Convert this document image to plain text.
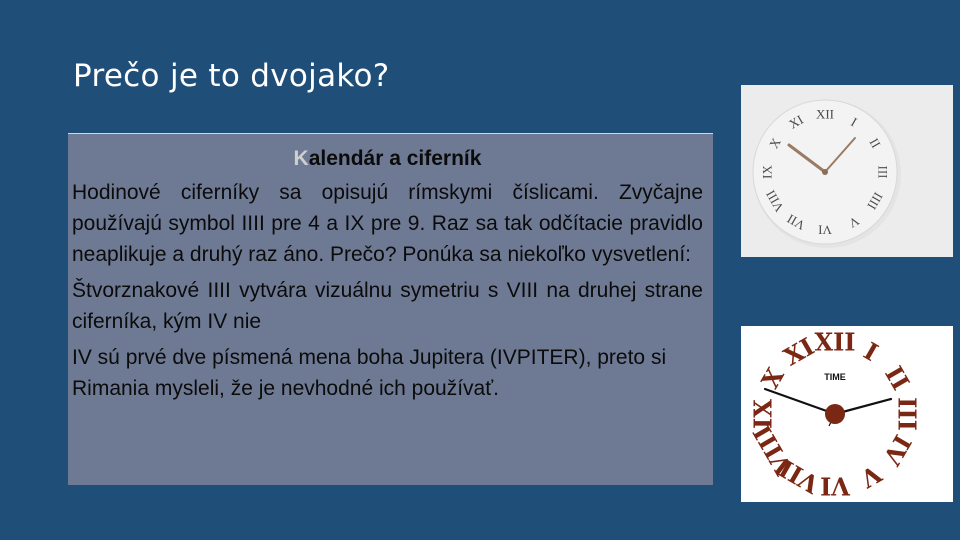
Prečo je to dvojako?
Kalendár a ciferník

Hodinové ciferníky sa opisujú rímskymi číslicami. Zvyčajne používajú symbol IIII pre 4 a IX pre 9. Raz sa tak odčítacie pravidlo neaplikuje a druhý raz áno. Prečo? Ponúka sa niekoľko vysvetlení:

Štvorznakové IIII vytvára vizuálnu symetriu s VIII na druhej strane ciferníka, kým IV nie

IV sú prvé dve písmená mena boha Jupitera (IVPITER), preto si Rimania mysleli, že je nevhodné ich používať.

XII
I
II
III
IIII
V
VI
VII
VIII
IX
X
XI
XII I
II
III
IV
V
VI
VII
VIII
IX
X
XI
TIME
